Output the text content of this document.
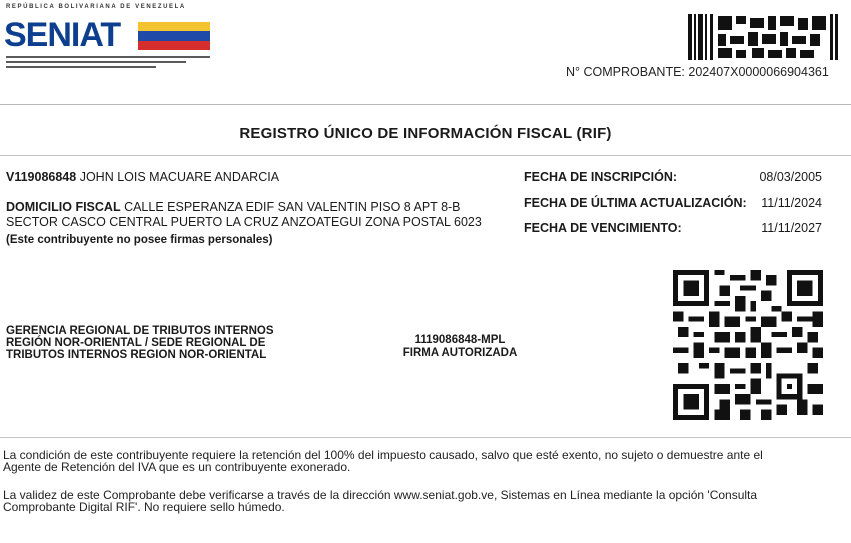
REPÚBLICA BOLIVARIANA DE VENEZUELA
SENIAT
N° COMPROBANTE: 202407X0000066904361
REGISTRO ÚNICO DE INFORMACIÓN FISCAL (RIF)
V119086848 JOHN LOIS MACUARE ANDARCIA
DOMICILIO FISCAL CALLE ESPERANZA EDIF SAN VALENTIN PISO 8 APT 8-B
SECTOR CASCO CENTRAL PUERTO LA CRUZ ANZOATEGUI ZONA POSTAL 6023
(Este contribuyente no posee firmas personales)
FECHA DE INSCRIPCIÓN:	08/03/2005
FECHA DE ÚLTIMA ACTUALIZACIÓN:	11/11/2024
FECHA DE VENCIMIENTO:	11/11/2027
GERENCIA REGIONAL DE TRIBUTOS INTERNOS
REGIÓN NOR-ORIENTAL / SEDE REGIONAL DE
TRIBUTOS INTERNOS REGION NOR-ORIENTAL
1119086848-MPL
FIRMA AUTORIZADA
La condición de este contribuyente requiere la retención del 100% del impuesto causado, salvo que esté exento, no sujeto o demuestre ante el
Agente de Retención del IVA que es un contribuyente exonerado.
La validez de este Comprobante debe verificarse a través de la dirección www.seniat.gob.ve, Sistemas en Línea mediante la opción 'Consulta
Comprobante Digital RIF'. No requiere sello húmedo.
